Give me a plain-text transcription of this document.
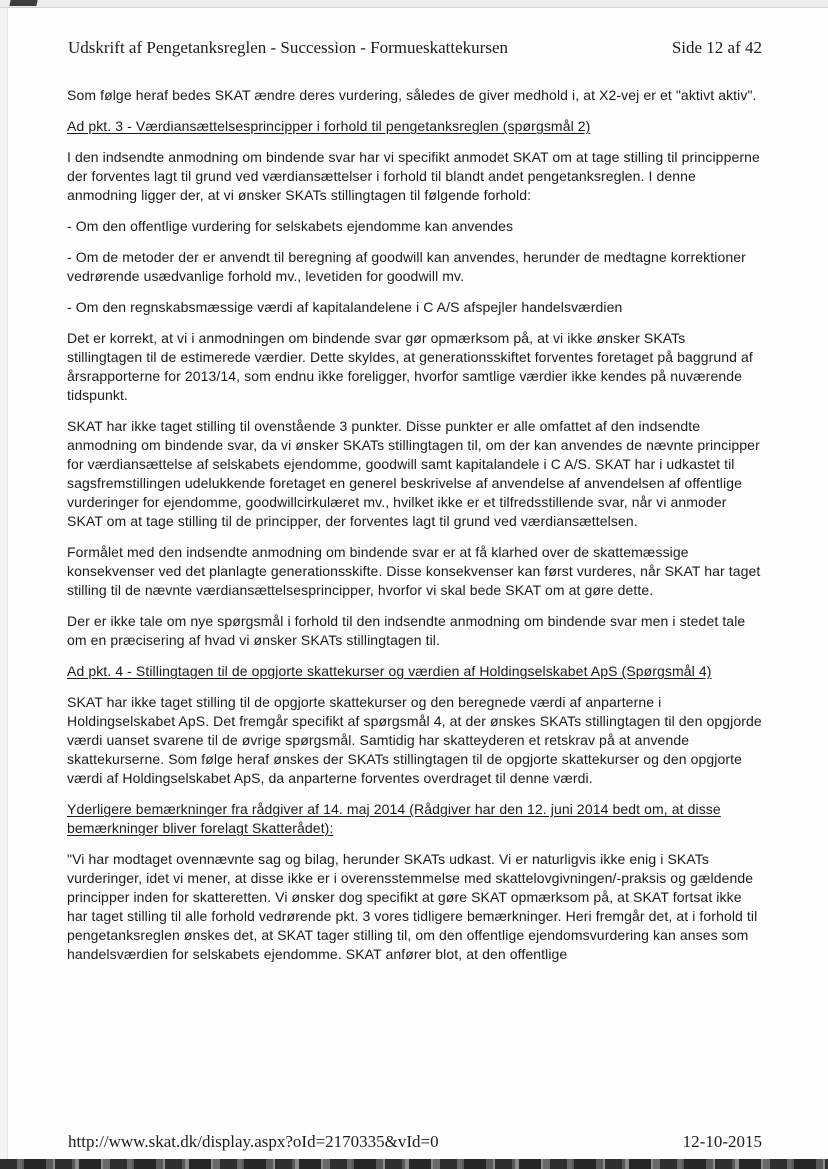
Udskrift af Pengetanksreglen - Succession - Formueskattekursen	Side 12 af 42

Som følge heraf bedes SKAT ændre deres vurdering, således de giver medhold i, at X2-vej er et "aktivt aktiv".

Ad pkt. 3 - Værdiansættelsesprincipper i forhold til pengetanksreglen (spørgsmål 2)

I den indsendte anmodning om bindende svar har vi specifikt anmodet SKAT om at tage stilling til principperne der forventes lagt til grund ved værdiansættelser i forhold til blandt andet pengetanksreglen. I denne anmodning ligger der, at vi ønsker SKATs stillingtagen til følgende forhold:

- Om den offentlige vurdering for selskabets ejendomme kan anvendes

- Om de metoder der er anvendt til beregning af goodwill kan anvendes, herunder de medtagne korrektioner vedrørende usædvanlige forhold mv., levetiden for goodwill mv.

- Om den regnskabsmæssige værdi af kapitalandelene i C A/S afspejler handelsværdien

Det er korrekt, at vi i anmodningen om bindende svar gør opmærksom på, at vi ikke ønsker SKATs stillingtagen til de estimerede værdier. Dette skyldes, at generationsskiftet forventes foretaget på baggrund af årsrapporterne for 2013/14, som endnu ikke foreligger, hvorfor samtlige værdier ikke kendes på nuværende tidspunkt.

SKAT har ikke taget stilling til ovenstående 3 punkter. Disse punkter er alle omfattet af den indsendte anmodning om bindende svar, da vi ønsker SKATs stillingtagen til, om der kan anvendes de nævnte principper for værdiansættelse af selskabets ejendomme, goodwill samt kapitalandele i C A/S. SKAT har i udkastet til sagsfremstillingen udelukkende foretaget en generel beskrivelse af anvendelse af anvendelsen af offentlige vurderinger for ejendomme, goodwillcirkulæret mv., hvilket ikke er et tilfredsstillende svar, når vi anmoder SKAT om at tage stilling til de principper, der forventes lagt til grund ved værdiansættelsen.

Formålet med den indsendte anmodning om bindende svar er at få klarhed over de skattemæssige konsekvenser ved det planlagte generationsskifte. Disse konsekvenser kan først vurderes, når SKAT har taget stilling til de nævnte værdiansættelsesprincipper, hvorfor vi skal bede SKAT om at gøre dette.

Der er ikke tale om nye spørgsmål i forhold til den indsendte anmodning om bindende svar men i stedet tale om en præcisering af hvad vi ønsker SKATs stillingtagen til.

Ad pkt. 4 - Stillingtagen til de opgjorte skattekurser og værdien af Holdingselskabet ApS (Spørgsmål 4)

SKAT har ikke taget stilling til de opgjorte skattekurser og den beregnede værdi af anparterne i Holdingselskabet ApS. Det fremgår specifikt af spørgsmål 4, at der ønskes SKATs stillingtagen til den opgjorde værdi uanset svarene til de øvrige spørgsmål. Samtidig har skatteyderen et retskrav på at anvende skattekurserne. Som følge heraf ønskes der SKATs stillingtagen til de opgjorte skattekurser og den opgjorte værdi af Holdingselskabet ApS, da anparterne forventes overdraget til denne værdi.

Yderligere bemærkninger fra rådgiver af 14. maj 2014 (Rådgiver har den 12. juni 2014 bedt om, at disse bemærkninger bliver forelagt Skatterådet):

"Vi har modtaget ovennævnte sag og bilag, herunder SKATs udkast. Vi er naturligvis ikke enig i SKATs vurderinger, idet vi mener, at disse ikke er i overensstemmelse med skattelovgivningen/-praksis og gældende principper inden for skatteretten. Vi ønsker dog specifikt at gøre SKAT opmærksom på, at SKAT fortsat ikke har taget stilling til alle forhold vedrørende pkt. 3 vores tidligere bemærkninger. Heri fremgår det, at i forhold til pengetanksreglen ønskes det, at SKAT tager stilling til, om den offentlige ejendomsvurdering kan anses som handelsværdien for selskabets ejendomme. SKAT anfører blot, at den offentlige

http://www.skat.dk/display.aspx?oId=2170335&vId=0	12-10-2015
